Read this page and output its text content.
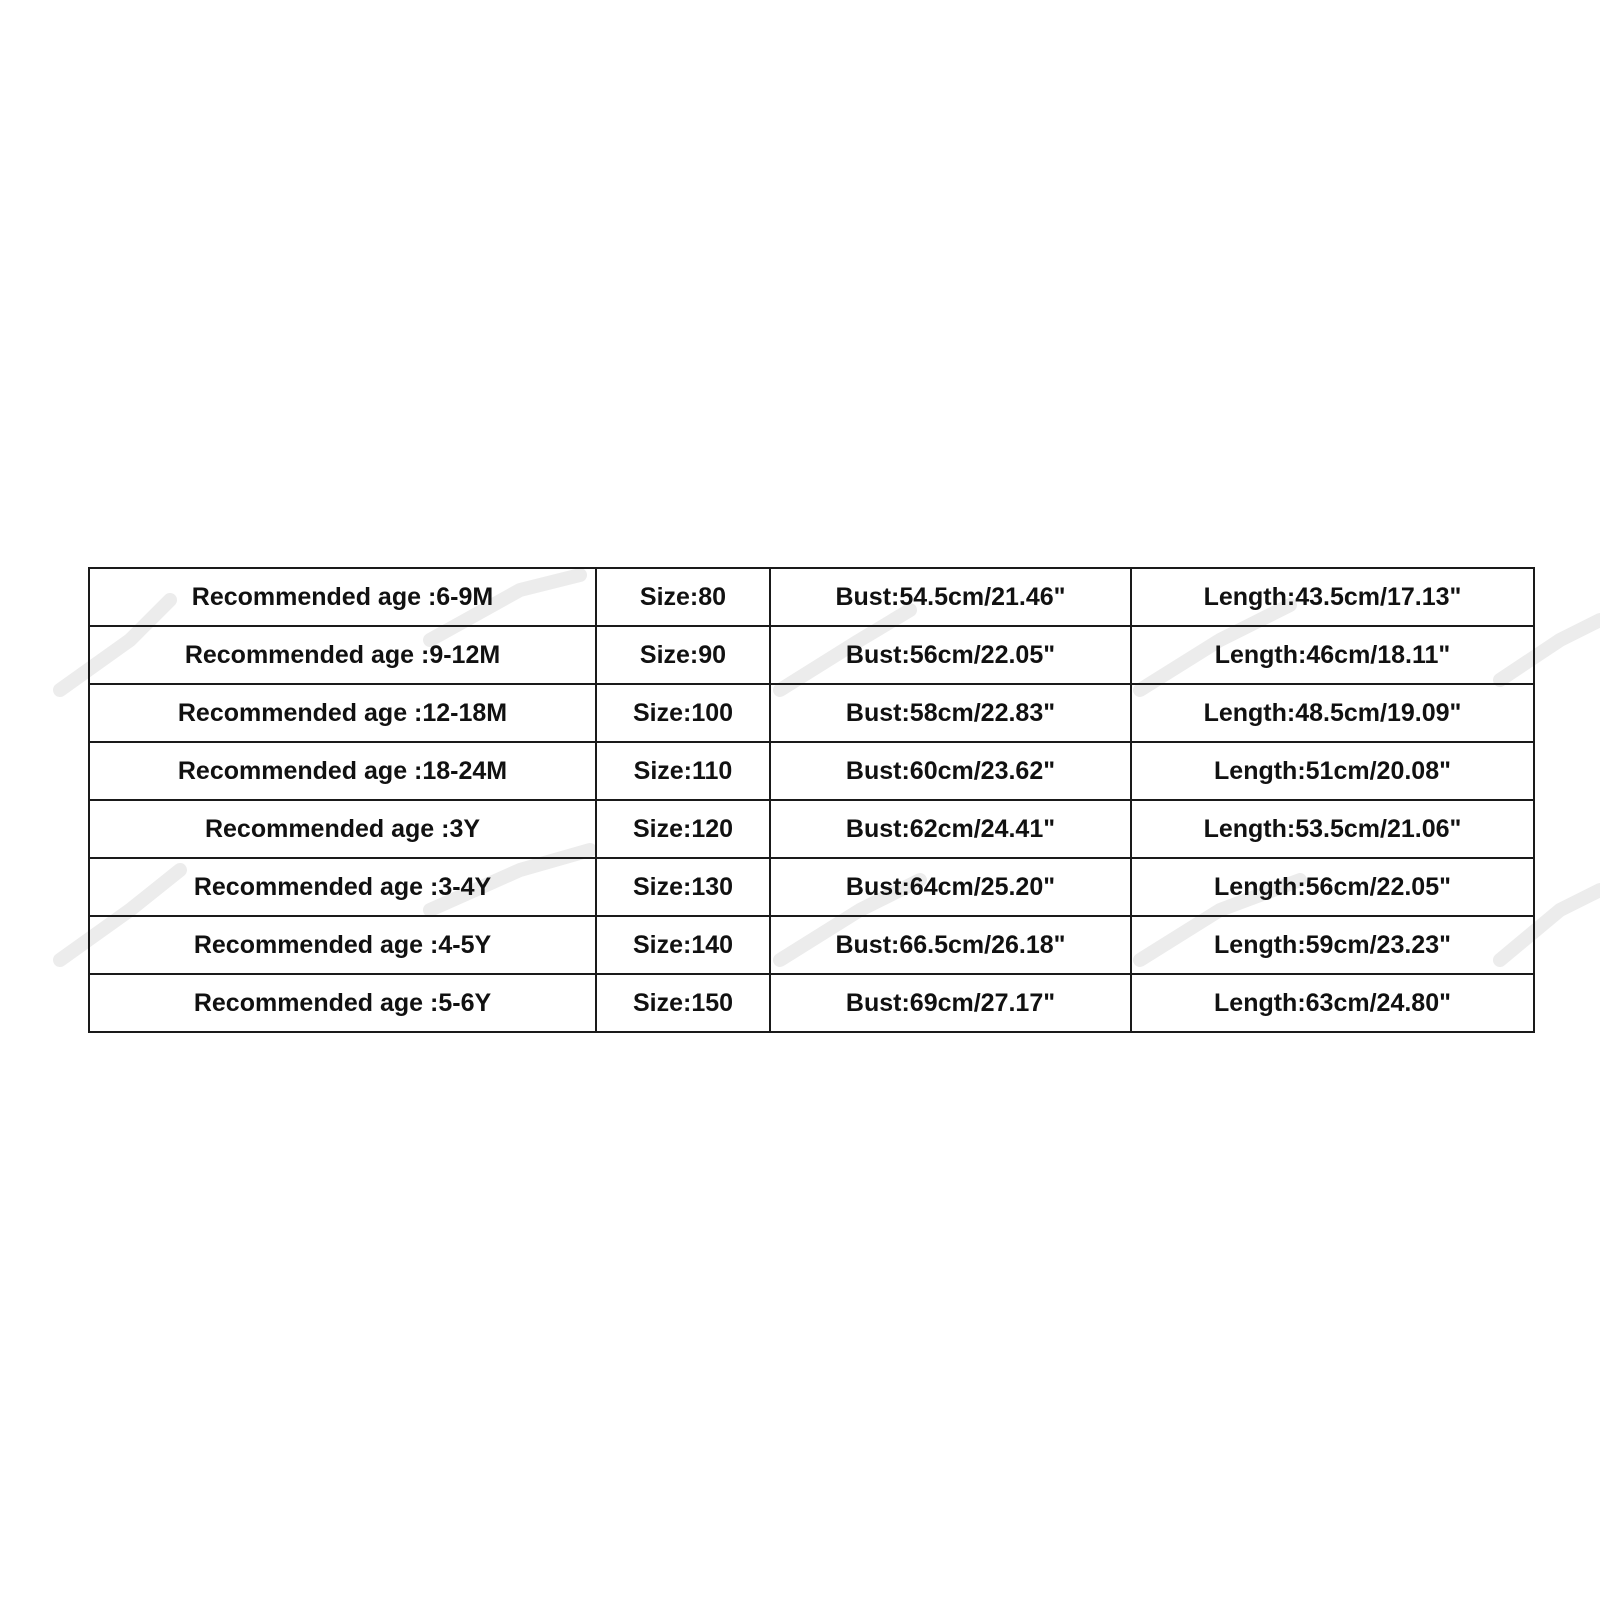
Recommended age :6-9M	Size:80	Bust:54.5cm/21.46"	Length:43.5cm/17.13"
Recommended age :9-12M	Size:90	Bust:56cm/22.05"	Length:46cm/18.11"
Recommended age :12-18M	Size:100	Bust:58cm/22.83"	Length:48.5cm/19.09"
Recommended age :18-24M	Size:110	Bust:60cm/23.62"	Length:51cm/20.08"
Recommended age :3Y	Size:120	Bust:62cm/24.41"	Length:53.5cm/21.06"
Recommended age :3-4Y	Size:130	Bust:64cm/25.20"	Length:56cm/22.05"
Recommended age :4-5Y	Size:140	Bust:66.5cm/26.18"	Length:59cm/23.23"
Recommended age :5-6Y	Size:150	Bust:69cm/27.17"	Length:63cm/24.80"
